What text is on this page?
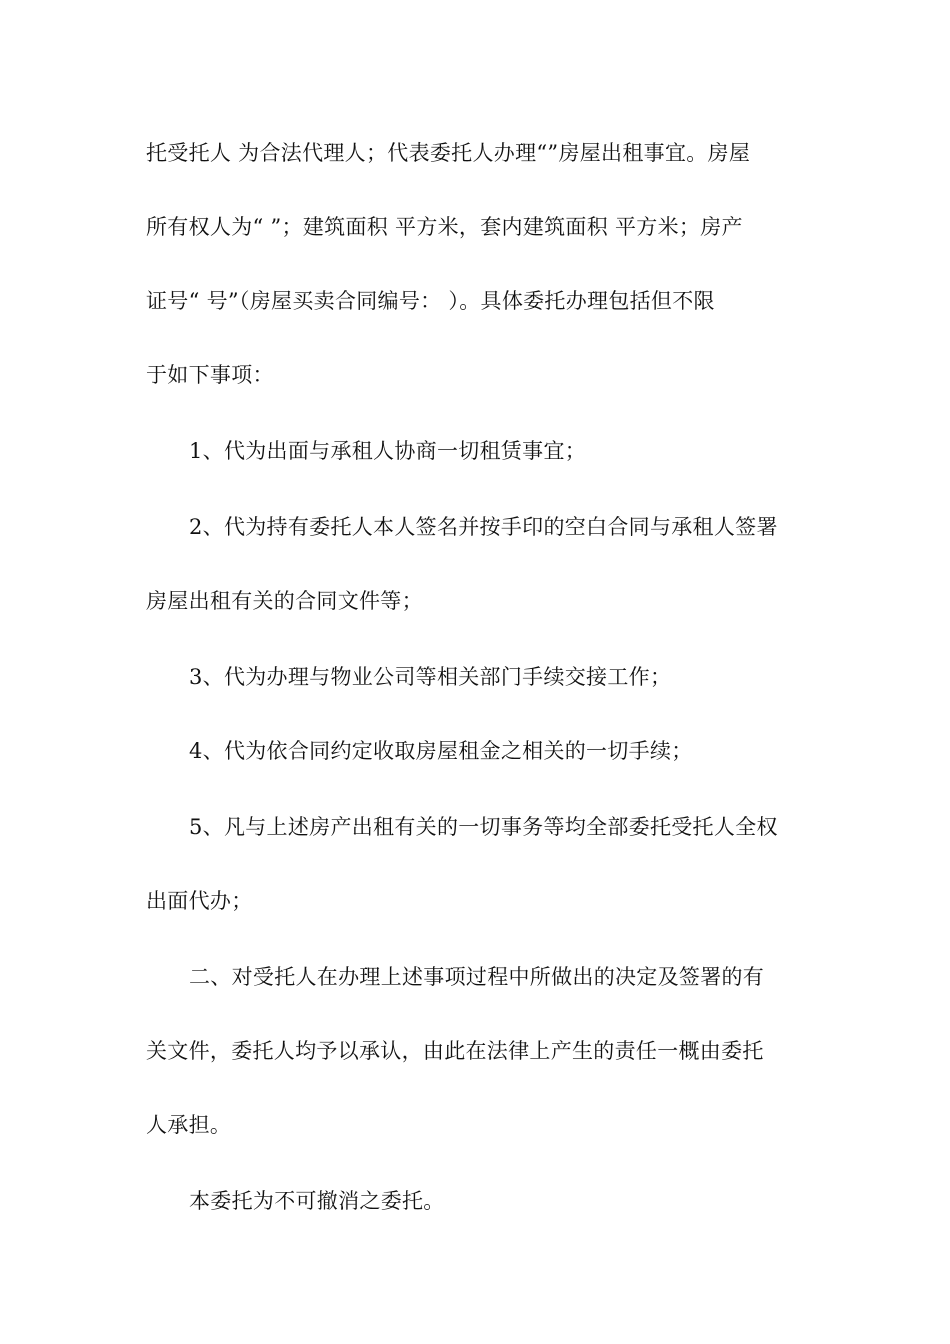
托受托人 为合法代理人；代表委托人办理“”房屋出租事宜。房屋
所有权人为“ ”；建筑面积 平方米，套内建筑面积 平方米；房产
证号“ 号”（房屋买卖合同编号： ）。具体委托办理包括但不限
于如下事项：
1、代为出面与承租人协商一切租赁事宜；
2、代为持有委托人本人签名并按手印的空白合同与承租人签署
房屋出租有关的合同文件等；
3、代为办理与物业公司等相关部门手续交接工作；
4、代为依合同约定收取房屋租金之相关的一切手续；
5、凡与上述房产出租有关的一切事务等均全部委托受托人全权
出面代办；
二、对受托人在办理上述事项过程中所做出的决定及签署的有
关文件，委托人均予以承认，由此在法律上产生的责任一概由委托
人承担。
本委托为不可撤消之委托。
